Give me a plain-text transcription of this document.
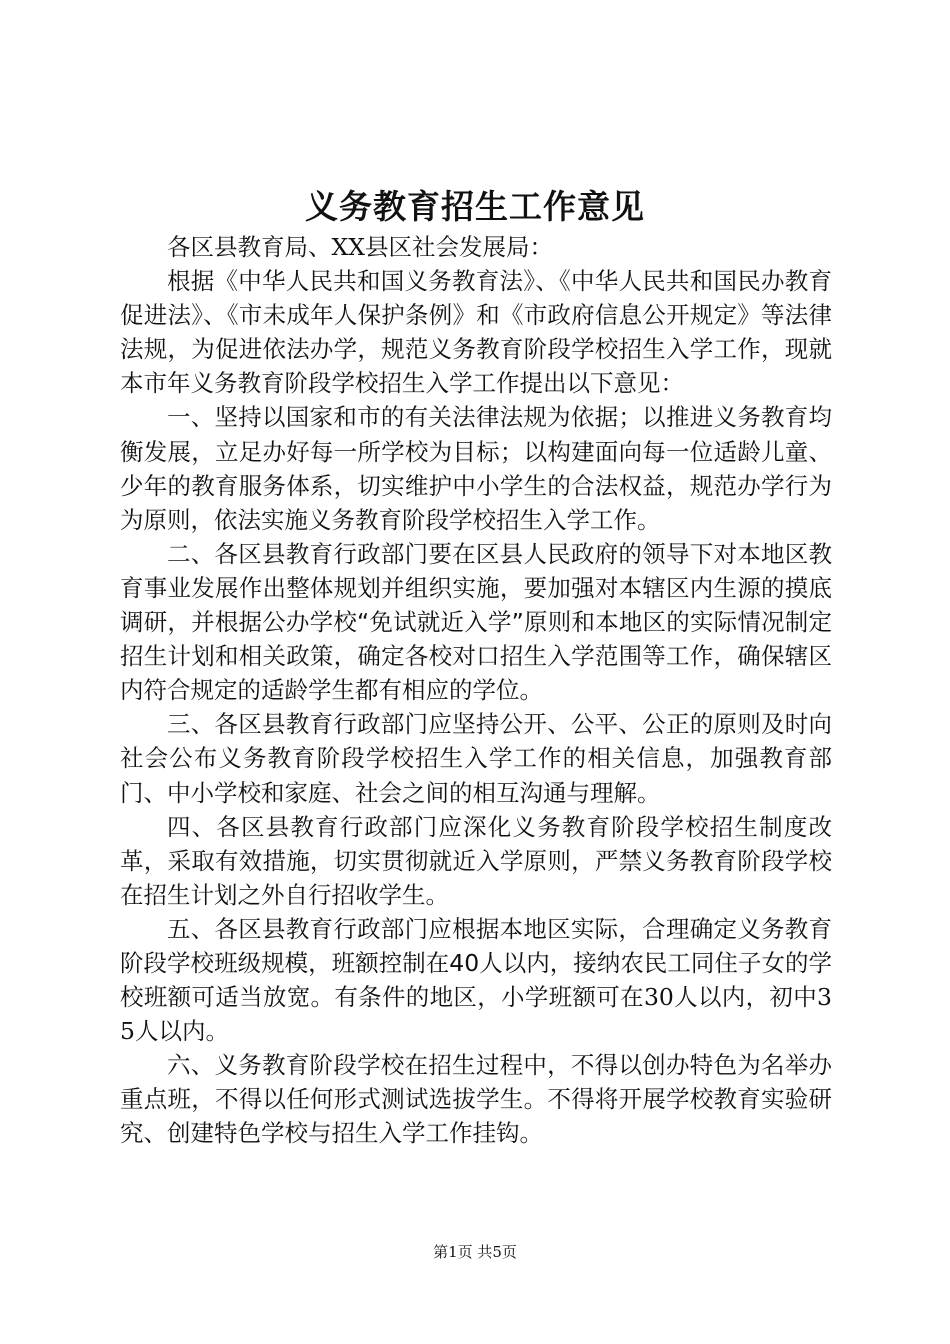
义务教育招生工作意见

各区县教育局、XX县区社会发展局：

根据《中华人民共和国义务教育法》、《中华人民共和国民办教育促进法》、《市未成年人保护条例》和《市政府信息公开规定》等法律法规，为促进依法办学，规范义务教育阶段学校招生入学工作，现就本市年义务教育阶段学校招生入学工作提出以下意见：

一、坚持以国家和市的有关法律法规为依据；以推进义务教育均衡发展，立足办好每一所学校为目标；以构建面向每一位适龄儿童、少年的教育服务体系，切实维护中小学生的合法权益，规范办学行为为原则，依法实施义务教育阶段学校招生入学工作。

二、各区县教育行政部门要在区县人民政府的领导下对本地区教育事业发展作出整体规划并组织实施，要加强对本辖区内生源的摸底调研，并根据公办学校“免试就近入学”原则和本地区的实际情况制定招生计划和相关政策，确定各校对口招生入学范围等工作，确保辖区内符合规定的适龄学生都有相应的学位。

三、各区县教育行政部门应坚持公开、公平、公正的原则及时向社会公布义务教育阶段学校招生入学工作的相关信息，加强教育部门、中小学校和家庭、社会之间的相互沟通与理解。

四、各区县教育行政部门应深化义务教育阶段学校招生制度改革，采取有效措施，切实贯彻就近入学原则，严禁义务教育阶段学校在招生计划之外自行招收学生。

五、各区县教育行政部门应根据本地区实际，合理确定义务教育阶段学校班级规模，班额控制在40人以内，接纳农民工同住子女的学校班额可适当放宽。有条件的地区，小学班额可在30人以内，初中35人以内。

六、义务教育阶段学校在招生过程中，不得以创办特色为名举办重点班，不得以任何形式测试选拔学生。不得将开展学校教育实验研究、创建特色学校与招生入学工作挂钩。

第1页 共5页
